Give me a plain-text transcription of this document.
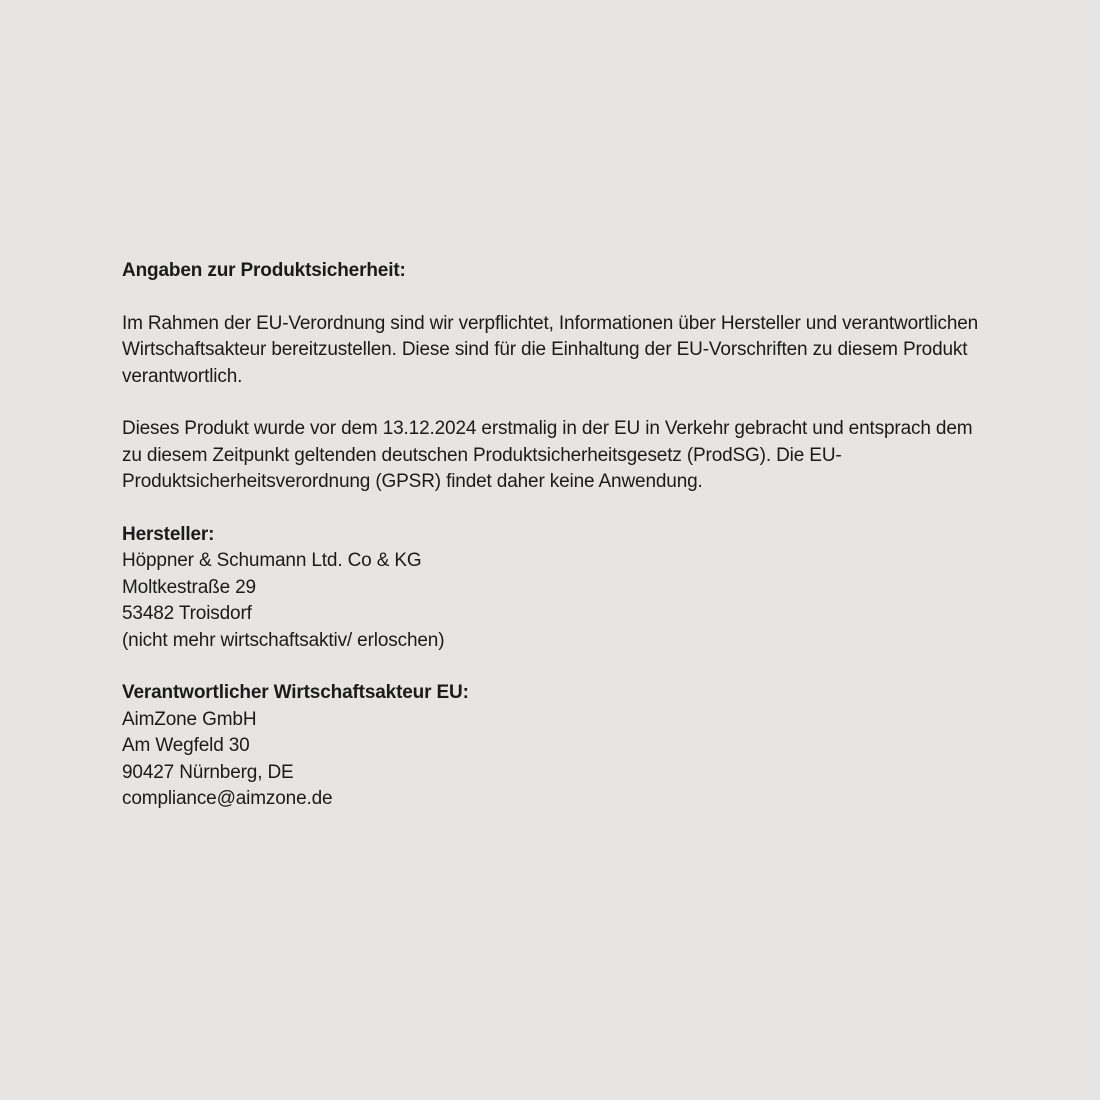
Angaben zur Produktsicherheit:

Im Rahmen der EU-Verordnung sind wir verpflichtet, Informationen über Hersteller und verantwortlichen Wirtschaftsakteur bereitzustellen. Diese sind für die Einhaltung der EU-Vorschriften zu diesem Produkt verantwortlich.

Dieses Produkt wurde vor dem 13.12.2024 erstmalig in der EU in Verkehr gebracht und entsprach dem zu diesem Zeitpunkt geltenden deutschen Produktsicherheitsgesetz (ProdSG). Die EU-Produktsicherheitsverordnung (GPSR) findet daher keine Anwendung.

Hersteller:

Höppner & Schumann Ltd. Co & KG

Moltkestraße 29

53482 Troisdorf

(nicht mehr wirtschaftsaktiv/ erloschen)

Verantwortlicher Wirtschaftsakteur EU:

AimZone GmbH

Am Wegfeld 30

90427 Nürnberg, DE

compliance@aimzone.de
